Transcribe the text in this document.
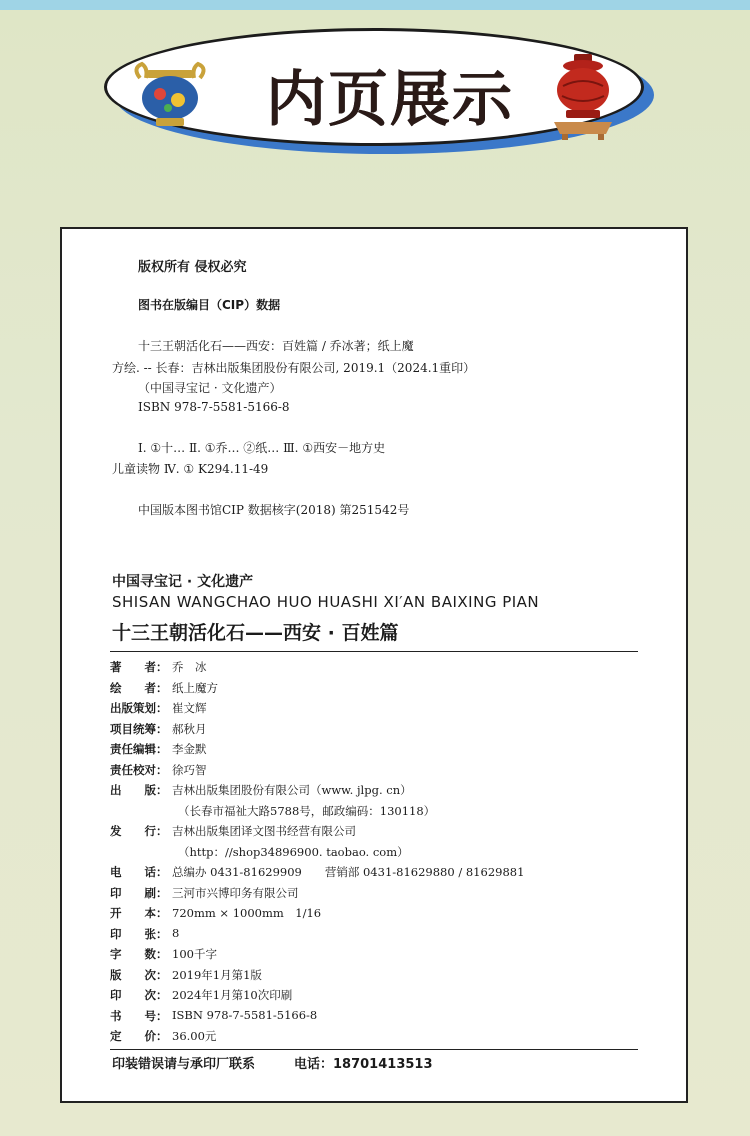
内页展示
版权所有 侵权必究
图书在版编目（CIP）数据
十三王朝活化石——西安：百姓篇 / 乔冰著；纸上魔
方绘. -- 长春：吉林出版集团股份有限公司, 2019.1（2024.1重印）
（中国寻宝记 · 文化遗产）
ISBN 978-7-5581-5166-8
Ⅰ. ①十… Ⅱ. ①乔… ②纸… Ⅲ. ①西安－地方史
儿童读物 Ⅳ. ① K294.11-49
中国版本图书馆CIP 数据核字(2018) 第251542号
中国寻宝记 · 文化遗产
SHISAN WANGCHAO HUO HUASHI XI′AN BAIXING PIAN
十三王朝活化石——西安 · 百姓篇
著　　者： 乔　冰
绘　　者： 纸上魔方
出版策划： 崔文辉
项目统筹： 郝秋月
责任编辑： 李金默
责任校对： 徐巧智
出　　版： 吉林出版集团股份有限公司（www. jlpg. cn）
（长春市福祉大路5788号，邮政编码：130118）
发　　行： 吉林出版集团译文图书经营有限公司
（http：//shop34896900. taobao. com）
电　　话： 总编办 0431-81629909　　营销部 0431-81629880 / 81629881
印　　刷： 三河市兴博印务有限公司
开　　本： 720mm × 1000mm　1/16
印　　张： 8
字　　数： 100千字
版　　次： 2019年1月第1版
印　　次： 2024年1月第10次印刷
书　　号： ISBN 978-7-5581-5166-8
定　　价： 36.00元
印装错误请与承印厂联系　　　电话：18701413513
